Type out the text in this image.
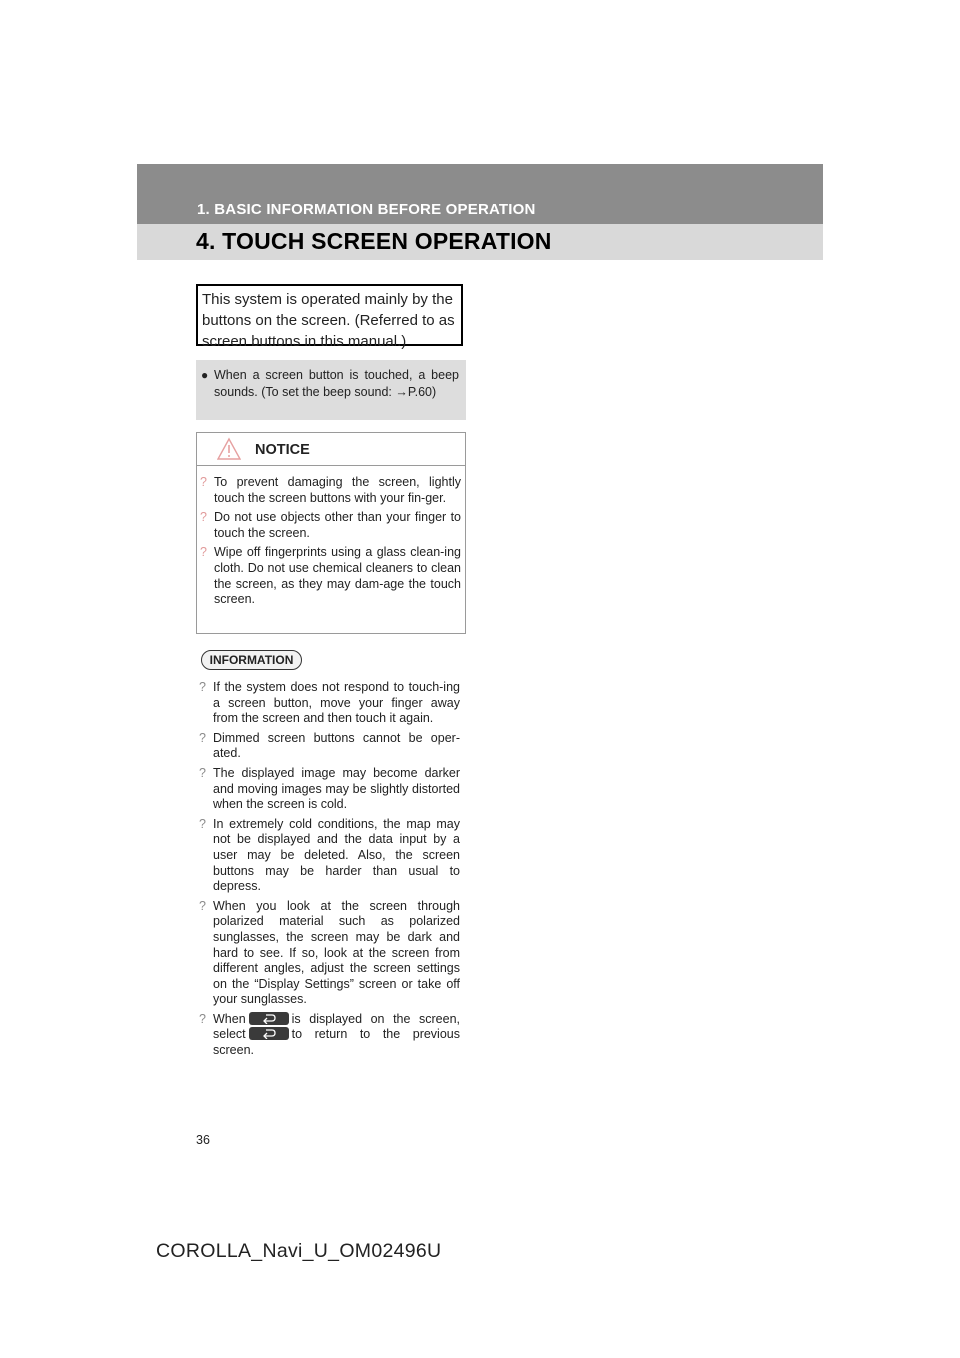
1. BASIC INFORMATION BEFORE OPERATION
4. TOUCH SCREEN OPERATION
This system is operated mainly by the
buttons on the screen. (Referred to as
screen buttons in this manual.)
● When a screen button is touched, a beep sounds. (To set the beep sound: →P.60)
NOTICE
? To prevent damaging the screen, lightly touch the screen buttons with your fin-ger.
? Do not use objects other than your finger to touch the screen.
? Wipe off fingerprints using a glass clean-ing cloth. Do not use chemical cleaners to clean the screen, as they may dam-age the touch screen.
INFORMATION
? If the system does not respond to touch-ing a screen button, move your finger away from the screen and then touch it again.
? Dimmed screen buttons cannot be oper-ated.
? The displayed image may become darker and moving images may be slightly distorted when the screen is cold.
? In extremely cold conditions, the map may not be displayed and the data input by a user may be deleted. Also, the screen buttons may be harder than usual to depress.
? When you look at the screen through polarized material such as polarized sunglasses, the screen may be dark and hard to see. If so, look at the screen from different angles, adjust the screen settings on the “Display Settings” screen or take off your sunglasses.
? When	is displayed on the screen, select	to return to the previous screen.
36
COROLLA_Navi_U_OM02496U
